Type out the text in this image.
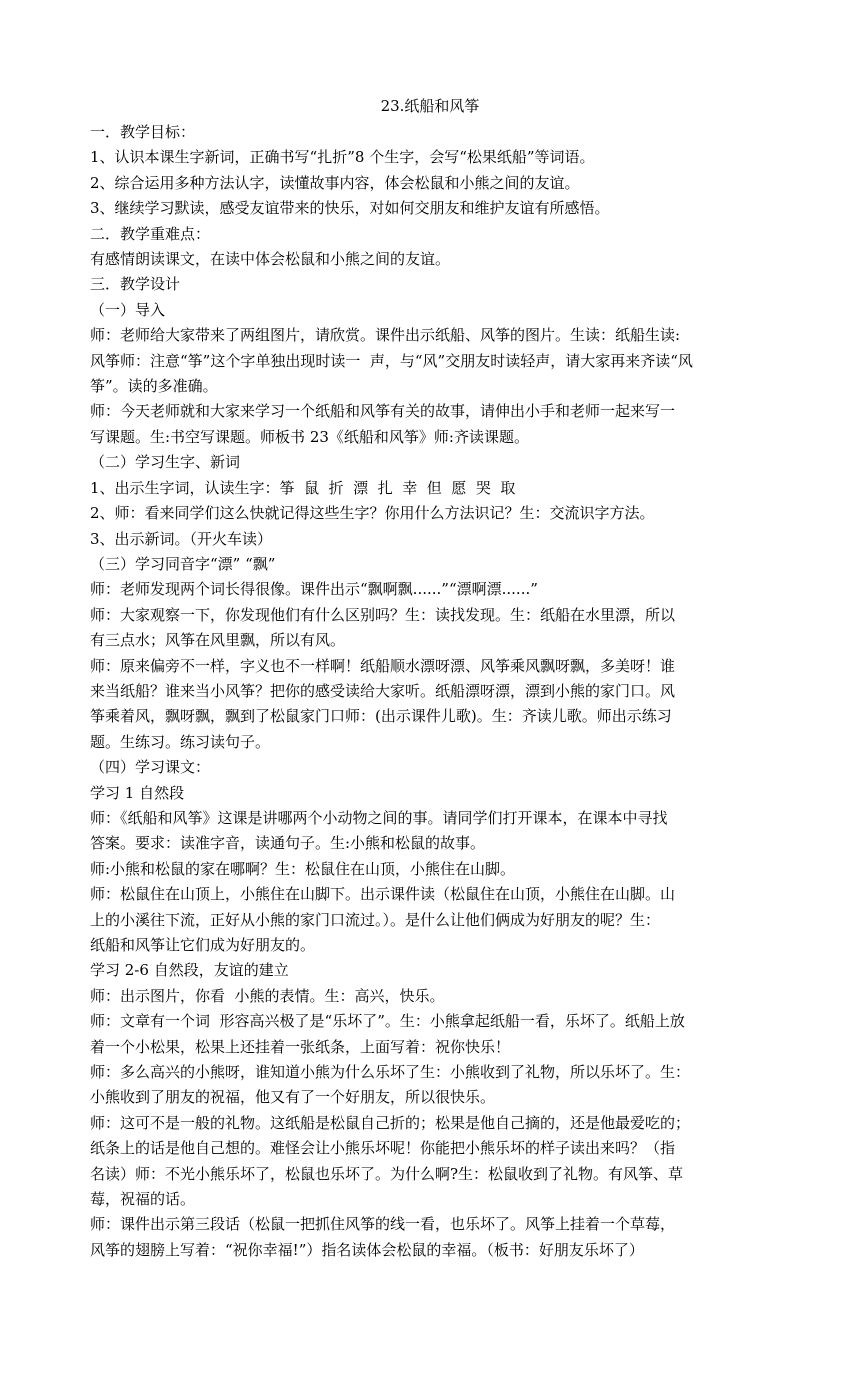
23.纸船和风筝

一．教学目标：

1、认识本课生字新词，正确书写“扎折”8 个生字，会写“松果纸船”等词语。

2、综合运用多种方法认字，读懂故事内容，体会松鼠和小熊之间的友谊。

3、继续学习默读，感受友谊带来的快乐，对如何交朋友和维护友谊有所感悟。

二．教学重难点：

有感情朗读课文，在读中体会松鼠和小熊之间的友谊。

三．教学设计

（一）导入

师：老师给大家带来了两组图片，请欣赏。课件出示纸船、风筝的图片。生读：纸船生读:

风筝师：注意“筝”这个字单独出现时读一  声，与“风”交朋友时读轻声，请大家再来齐读“风

筝”。读的多准确。

师：今天老师就和大家来学习一个纸船和风筝有关的故事，请伸出小手和老师一起来写一

写课题。生:书空写课题。师板书 23《纸船和风筝》师:齐读课题。

（二）学习生字、新词

1、出示生字词，认读生字：筝  鼠  折  漂  扎  幸  但  愿  哭  取

2、师：看来同学们这么快就记得这些生字？你用什么方法识记？生：交流识字方法。

3、出示新词。（开火车读）

（三）学习同音字“漂” “飘”

师：老师发现两个词长得很像。课件出示“飘啊飘......”“漂啊漂......”

师：大家观察一下，你发现他们有什么区别吗？生：读找发现。生：纸船在水里漂，所以

有三点水；风筝在风里飘，所以有风。

师：原来偏旁不一样，字义也不一样啊！纸船顺水漂呀漂、风筝乘风飘呀飘，多美呀！谁

来当纸船？谁来当小风筝？把你的感受读给大家听。纸船漂呀漂，漂到小熊的家门口。风

筝乘着风，飘呀飘，飘到了松鼠家门口师：(出示课件儿歌)。生：齐读儿歌。师出示练习

题。生练习。练习读句子。

（四）学习课文：

学习 1 自然段

师：《纸船和风筝》这课是讲哪两个小动物之间的事。请同学们打开课本，在课本中寻找

答案。要求：读准字音，读通句子。生:小熊和松鼠的故事。

师:小熊和松鼠的家在哪啊？生：松鼠住在山顶，小熊住在山脚。

师：松鼠住在山顶上，小熊住在山脚下。出示课件读（松鼠住在山顶，小熊住在山脚。山

上的小溪往下流，正好从小熊的家门口流过。）。是什么让他们俩成为好朋友的呢？生：

纸船和风筝让它们成为好朋友的。

学习 2-6 自然段，友谊的建立

师：出示图片，你看  小熊的表情。生：高兴，快乐。

师：文章有一个词  形容高兴极了是“乐坏了”。生：小熊拿起纸船一看，乐坏了。纸船上放

着一个小松果，松果上还挂着一张纸条，上面写着：祝你快乐！

师：多么高兴的小熊呀，谁知道小熊为什么乐坏了生：小熊收到了礼物，所以乐坏了。生：

小熊收到了朋友的祝福，他又有了一个好朋友，所以很快乐。

师：这可不是一般的礼物。这纸船是松鼠自己折的；松果是他自己摘的，还是他最爱吃的；

纸条上的话是他自己想的。难怪会让小熊乐坏呢！你能把小熊乐坏的样子读出来吗？（指

名读）师：不光小熊乐坏了，松鼠也乐坏了。为什么啊?生：松鼠收到了礼物。有风筝、草

莓，祝福的话。

师：课件出示第三段话（松鼠一把抓住风筝的线一看，也乐坏了。风筝上挂着一个草莓，

风筝的翅膀上写着：“祝你幸福!”）指名读体会松鼠的幸福。（板书：好朋友乐坏了）
